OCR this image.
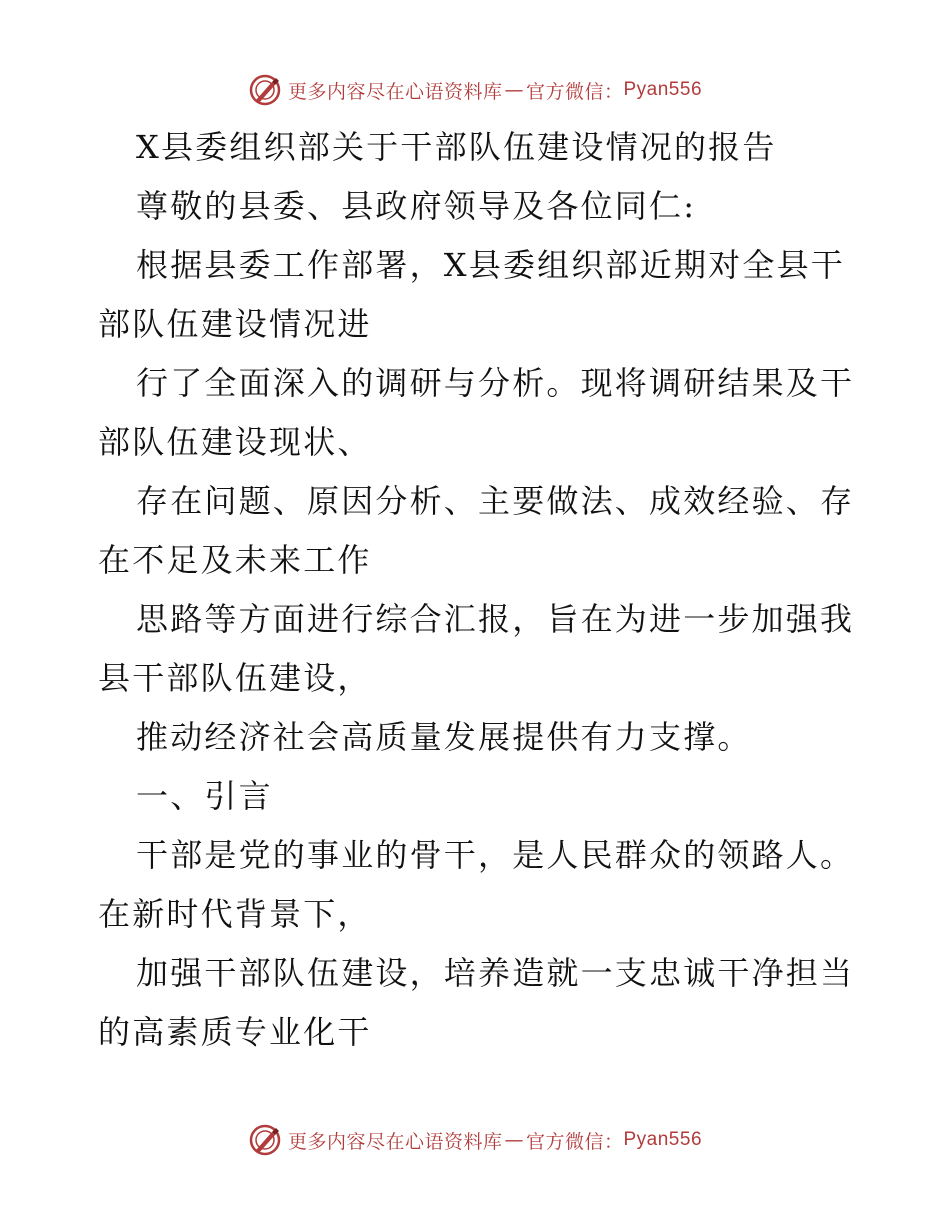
更多内容尽在心语资料库 — 官方微信： Pyan556
X县委组织部关于干部队伍建设情况的报告
尊敬的县委、县政府领导及各位同仁:
根据县委工作部署，X县委组织部近期对全县干
部队伍建设情况进
行了全面深入的调研与分析。现将调研结果及干
部队伍建设现状、
存在问题、原因分析、主要做法、成效经验、存
在不足及未来工作
思路等方面进行综合汇报，旨在为进一步加强我
县干部队伍建设，
推动经济社会高质量发展提供有力支撑。
一、引言
干部是党的事业的骨干，是人民群众的领路人。
在新时代背景下，
加强干部队伍建设，培养造就一支忠诚干净担当
的高素质专业化干
更多内容尽在心语资料库 — 官方微信： Pyan556
